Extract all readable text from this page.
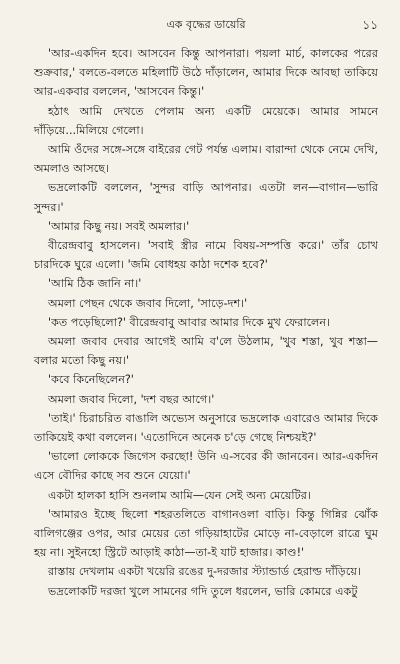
এক বৃদ্ধের ডায়েরি	১১

'আর-একদিন হবে। আসবেন কিন্তু আপনারা। পয়লা মার্চ, কালকের পরের শুক্রবার,' বলতে-বলতে মহিলাটি উঠে দাঁড়ালেন, আমার দিকে আবছা তাকিয়ে আর-একবার বললেন, 'আসবেন কিন্তু।'

হঠাৎ আমি দেখতে পেলাম অন্য একটি মেয়েকে। আমার সামনে দাঁড়িয়ে...মিলিয়ে গেলো।

আমি ওঁদের সঙ্গে-সঙ্গে বাইরের গেট পর্যন্ত এলাম। বারান্দা থেকে নেমে দেখি, অমলাও আসছে।

ভদ্রলোকটি বললেন, 'সুন্দর বাড়ি আপনার। এতটা লন—বাগান—ভারি সুন্দর।'

'আমার কিছু নয়। সবই অমলার।'

বীরেন্দ্রবাবু হাসলেন। 'সবাই স্ত্রীর নামে বিষয়-সম্পত্তি করে।' তাঁর চোখ চারদিকে ঘুরে এলো। 'জমি বোধহয় কাঠা দশেক হবে?'

'আমি ঠিক জানি না।'

অমলা পেছন থেকে জবাব দিলো, 'সাড়ে-দশ।'

'কত পড়েছিলো?' বীরেন্দ্রবাবু আবার আমার দিকে মুখ ফেরালেন।

অমলা জবাব দেবার আগেই আমি ব'লে উঠলাম, 'খুব শস্তা, খুব শস্তা—বলার মতো কিছু নয়।'

'কবে কিনেছিলেন?'

অমলা জবাব দিলো, 'দশ বছর আগে।'

'তাই।' চিরাচরিত বাঙালি অভ্যেস অনুসারে ভদ্রলোক এবারেও আমার দিকে তাকিয়েই কথা বললেন। 'এতোদিনে অনেক চ'ড়ে গেছে নিশ্চয়ই?'

'ভালো লোককে জিগেস করছো! উনি এ-সবের কী জানবেন। আর-একদিন এসে বৌদির কাছে সব শুনে যেয়ো।'

একটা হালকা হাসি শুনলাম আমি—যেন সেই অন্য মেয়েটির।

'আমারও ইচ্ছে ছিলো শহরতলিতে বাগানওলা বাড়ি। কিন্তু গিন্নির ঝোঁক বালিগঞ্জের ওপর, আর মেয়ের তো গড়িয়াহাটের মোড়ে না-বেড়ালে রাত্রে ঘুম হয় না। সুইনহো স্ট্রিটে আড়াই কাঠা—তা-ই যাট হাজার। কাণ্ড!'

রাস্তায় দেখলাম একটা খয়েরি রঙের দু-দরজার স্ট্যান্ডার্ড হেরাল্ড দাঁড়িয়ে।

ভদ্রলোকটি দরজা খুলে সামনের গদি তুলে ধরলেন, ভারি কোমরে একটু
